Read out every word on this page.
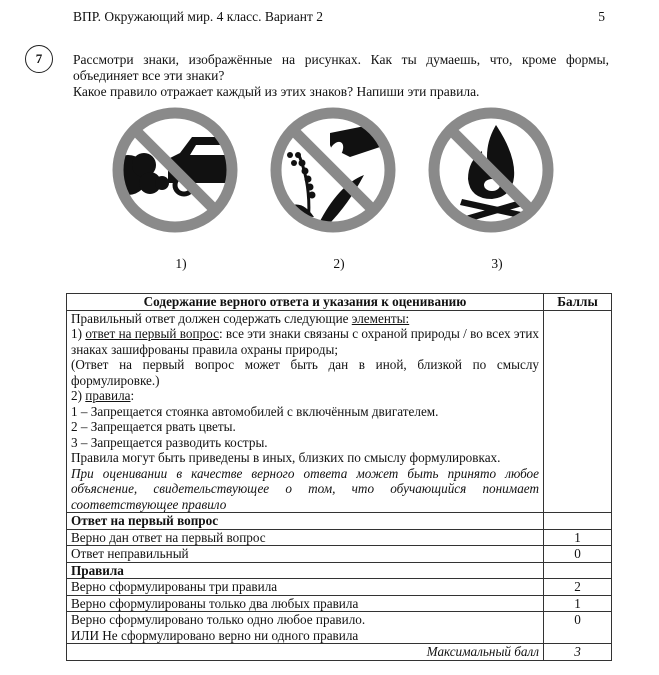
ВПР. Окружающий мир. 4 класс. Вариант 2	5
7	Рассмотри знаки, изображённые на рисунках. Как ты думаешь, что, кроме формы, объединяет все эти знаки?

Какое правило отражает каждый из этих знаков? Напиши эти правила.

1)	2)	3)
Содержание верного ответа и указания к оцениванию	Баллы

Правильный ответ должен содержать следующие элементы:

1) ответ на первый вопрос: все эти знаки связаны с охраной природы / во всех этих знаках зашифрованы правила охраны природы;

(Ответ на первый вопрос может быть дан в иной, близкой по смыслу формулировке.)

2) правила:

1 – Запрещается стоянка автомобилей с включённым двигателем.

2 – Запрещается рвать цветы.

3 – Запрещается разводить костры.

Правила могут быть приведены в иных, близких по смыслу формулировках.

При оценивании в качестве верного ответа может быть принято любое объяснение, свидетельствующее о том, что обучающийся понимает соответствующее правило

Ответ на первый вопрос	
Верно дан ответ на первый вопрос	1
Ответ неправильный	0
Правила	
Верно сформулированы три правила	2
Верно сформулированы только два любых правила	1

Верно сформулировано только одно любое правило.
ИЛИ Не сформулировано верно ни одного правила	0
Максимальный балл	3
